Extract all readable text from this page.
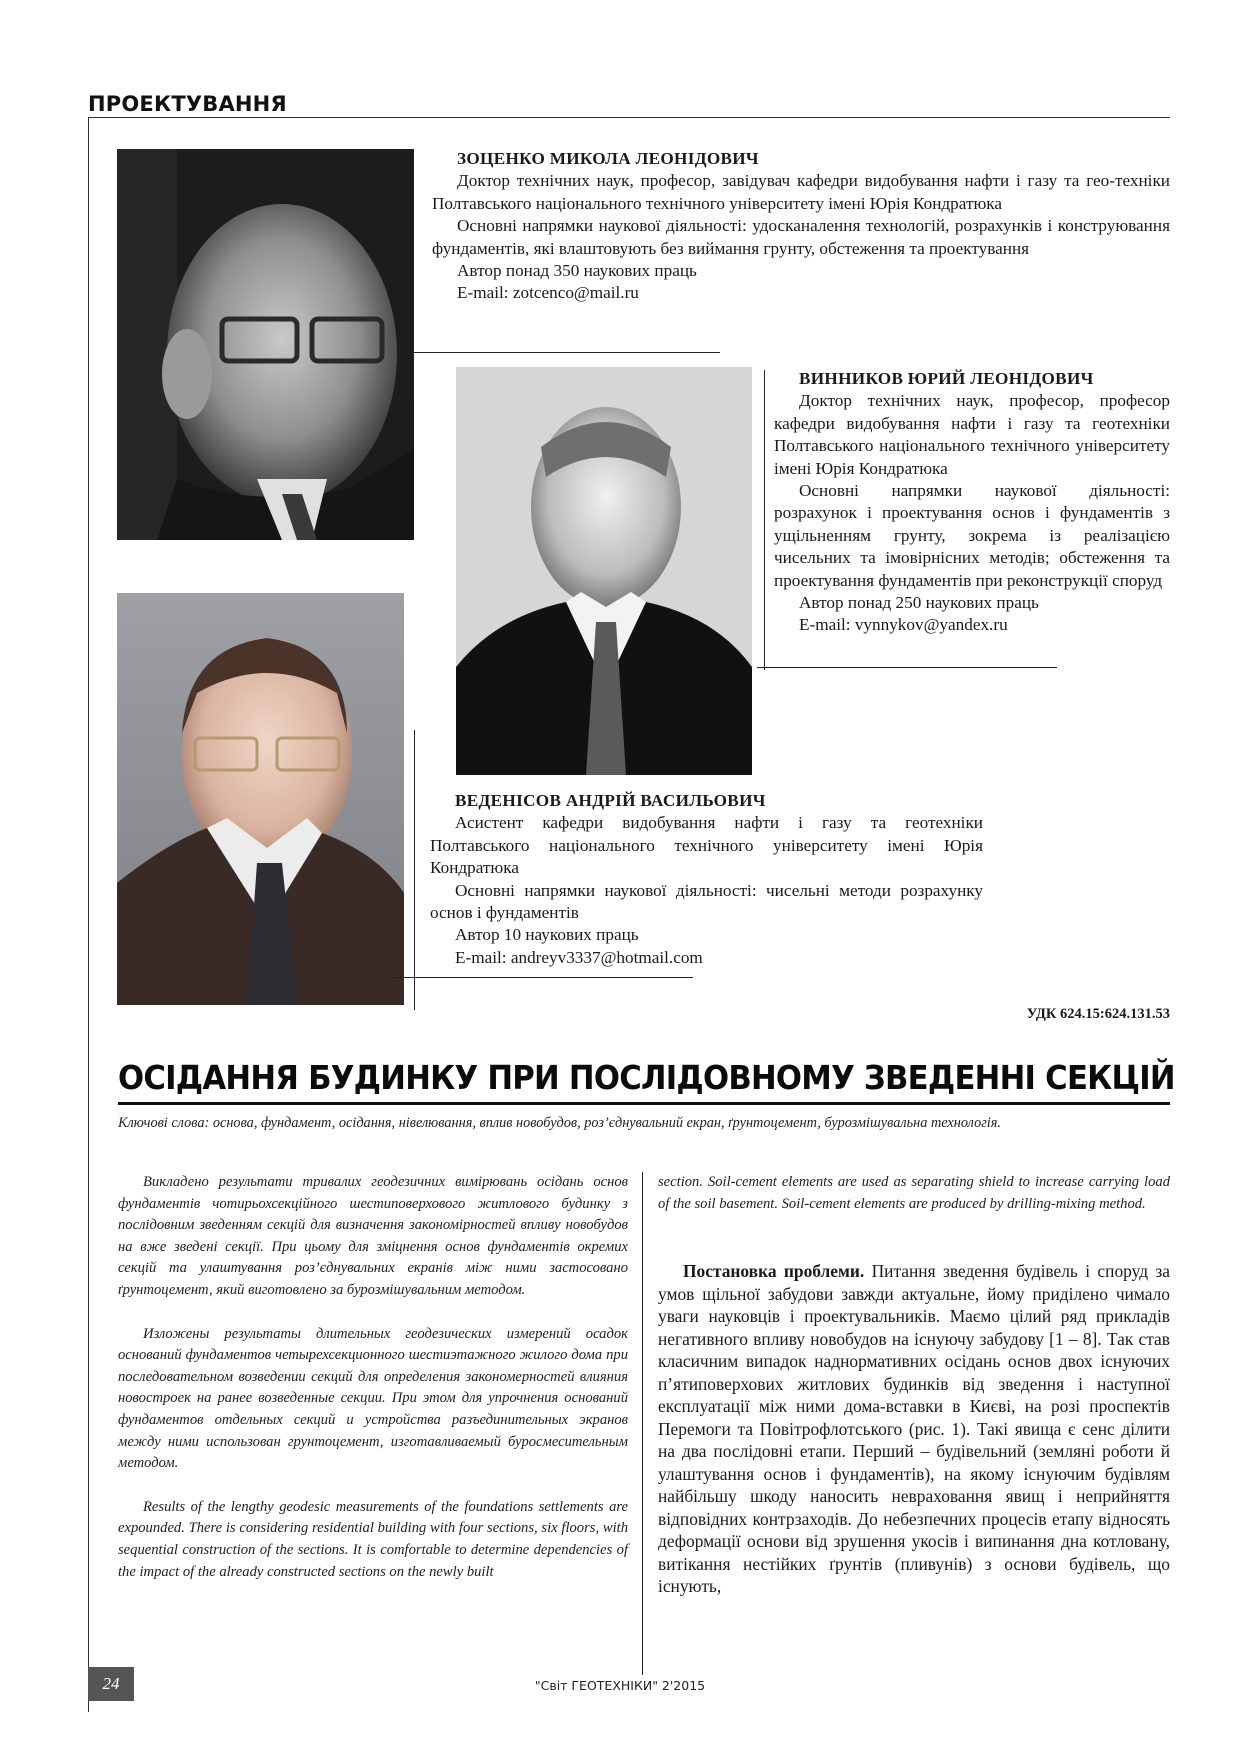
ПРОЕКТУВАННЯ

ЗОЦЕНКО МИКОЛА ЛЕОНІДОВИЧ

Доктор технічних наук, професор, завідувач кафедри видобування нафти і газу та гео-техніки Полтавського національного технічного університету імені Юрія Кондратюка

Основні напрямки наукової діяльності: удосканалення технологій, розрахунків і конструювання фундаментів, які влаштовують без виймання грунту, обстеження та проектування

Автор понад 350 наукових праць

E-mail: zotcenco@mail.ru

ВИННИКОВ ЮРИЙ ЛЕОНІДОВИЧ

Доктор технічних наук, професор, професор кафедри видобування нафти і газу та геотехніки Полтавського національного технічного університету імені Юрія Кондратюка

Основні напрямки наукової діяльності: розрахунок і проектування основ і фундаментів з ущільненням грунту, зокрема із реалізацією чисельних та імовірнісних методів; обстеження та проектування фундаментів при реконструкції споруд

Автор понад 250 наукових праць

E-mail: vynnykov@yandex.ru

ВЕДЕНІСОВ АНДРІЙ ВАСИЛЬОВИЧ

Асистент кафедри видобування нафти і газу та геотехніки Полтавського національного технічного університету імені Юрія Кондратюка

Основні напрямки наукової діяльності: чисельні методи розрахунку основ і фундаментів

Автор 10 наукових праць

E-mail: andreyv3337@hotmail.com

УДК 624.15:624.131.53
ОСІДАННЯ БУДИНКУ ПРИ ПОСЛІДОВНОМУ ЗВЕДЕННІ СЕКЦІЙ
Ключові слова: основа, фундамент, осідання, нівелювання, вплив новобудов, роз’єднувальний екран, ґрунтоцемент, бурозмішувальна технологія.

Викладено результати тривалих геодезичних вимірювань осідань основ фундаментів чотирьохсекційного шестиповерхового житлового будинку з послідовним зведенням секцій для визначення закономірностей впливу новобудов на вже зведені секції. При цьому для зміцнення основ фундаментів окремих секцій та улаштування роз’єднувальних екранів між ними застосовано ґрунтоцемент, який виготовлено за бурозмішувальним методом.

Изложены результаты длительных геодезических измерений осадок оснований фундаментов четырехсекционного шестиэтажного жилого дома при последовательном возведении секций для определения закономерностей влияния новостроек на ранее возведенные секции. При этом для упрочнения оснований фундаментов отдельных секций и устройства разъединительных экранов между ними использован грунтоцемент, изготавливаемый буросмесительным методом.

Results of the lengthy geodesic measurements of the foundations settlements are expounded. There is considering residential building with four sections, six floors, with sequential construction of the sections. It is comfortable to determine dependencies of the impact of the already constructed sections on the newly built

section. Soil-cement elements are used as separating shield to increase carrying load of the soil basement. Soil-cement elements are produced by drilling-mixing method.

Постановка проблеми. Питання зведення будівель і споруд за умов щільної забудови завжди актуальне, йому приділено чимало уваги науковців і проектувальників. Маємо цілий ряд прикладів негативного впливу новобудов на існуючу забудову [1 – 8]. Так став класичним випадок наднормативних осідань основ двох існуючих п’ятиповерхових житлових будинків від зведення і наступної експлуатації між ними дома-вставки в Києві, на розі проспектів Перемоги та Повітрофлотського (рис. 1). Такі явища є сенс ділити на два послідовні етапи. Перший – будівельний (земляні роботи й улаштування основ і фундаментів), на якому існуючим будівлям найбільшу шкоду наносить невраховання явищ і неприйняття відповідних контрзаходів. До небезпечних процесів етапу відносять деформації основи від зрушення укосів і випинання дна котловану, витікання нестійких ґрунтів (пливунів) з основи будівель, що існують,

24	"Світ ГЕОТЕХНІКИ" 2'2015
